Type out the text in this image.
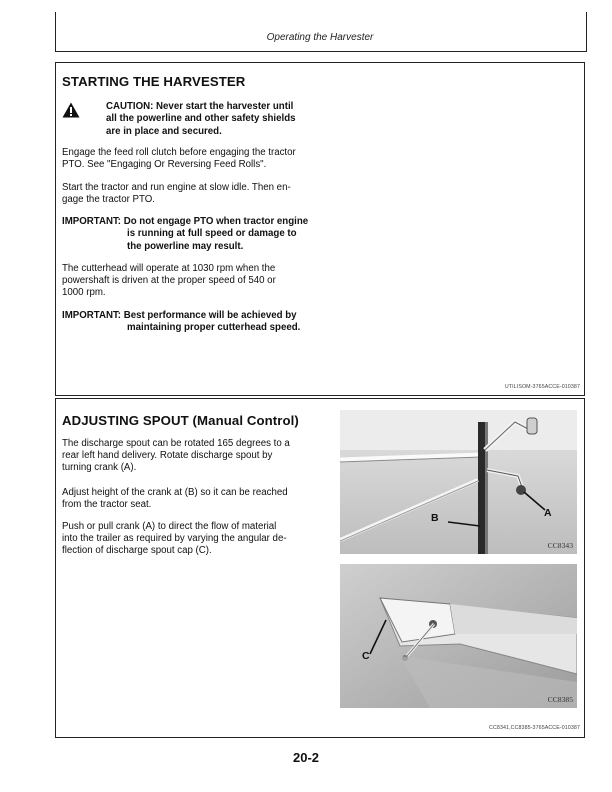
Operating the Harvester
STARTING THE HARVESTER
CAUTION: Never start the harvester until
all the powerline and other safety shields
are in place and secured.

Engage the feed roll clutch before engaging the tractor

PTO. See "Engaging Or Reversing Feed Rolls".

Start the tractor and run engine at slow idle. Then en-

gage the tractor PTO.

IMPORTANT: Do not engage PTO when tractor engine
is running at full speed or damage to
the powerline may result.

The cutterhead will operate at 1030 rpm when the

powershaft is driven at the proper speed of 540 or

1000 rpm.

IMPORTANT: Best performance will be achieved by
maintaining proper cutterhead speed.
UTILISOM-3765ACCE-010387
ADJUSTING SPOUT (Manual Control)

The discharge spout can be rotated 165 degrees to a

rear left hand delivery. Rotate discharge spout by

turning crank (A).

Adjust height of the crank at (B) so it can be reached

from the tractor seat.

Push or pull crank (A) to direct the flow of material

into the trailer as required by varying the angular de-

flection of discharge spout cap (C).

B	A
CC8343
C
CC8385
CC8341,CC8385-3765ACCE-010387
20-2
